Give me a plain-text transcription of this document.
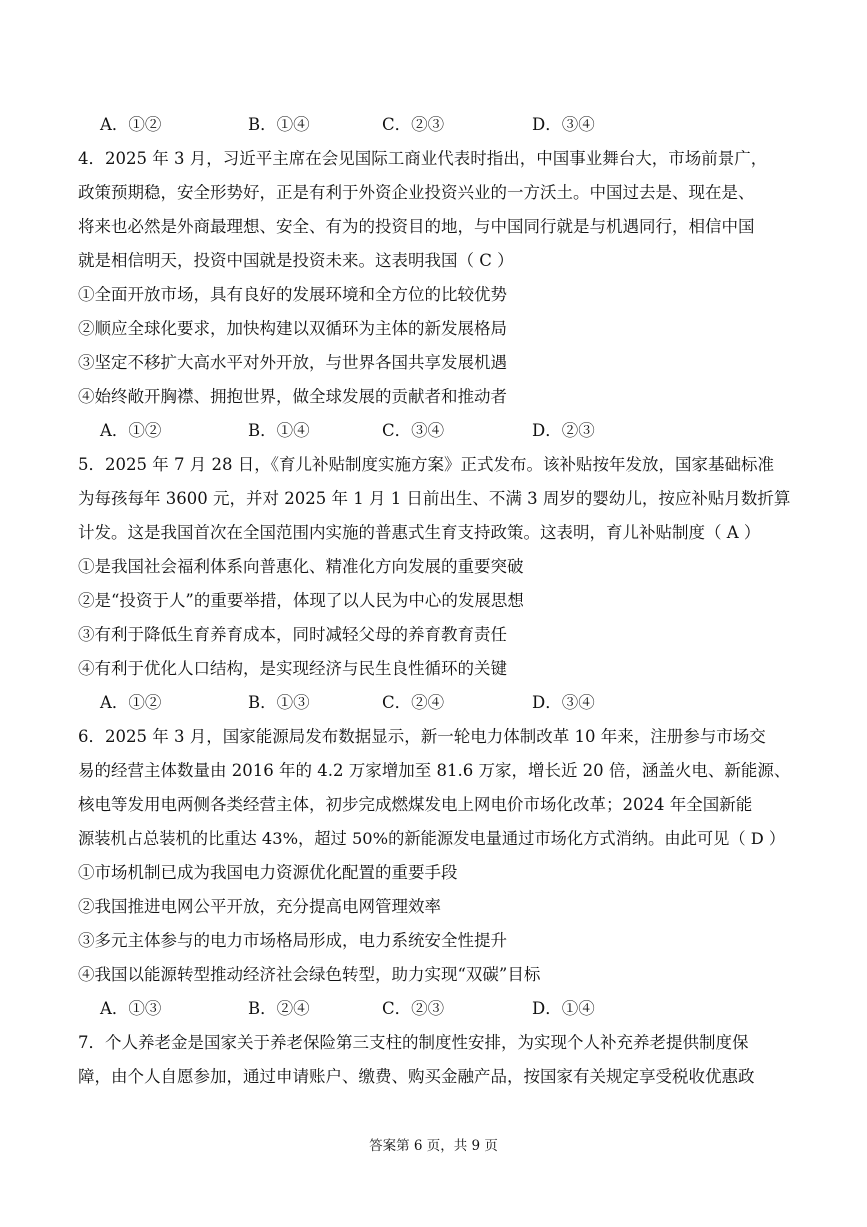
A．①②	B．①④	C．②③	D．③④
4．2025 年 3 月，习近平主席在会见国际工商业代表时指出，中国事业舞台大，市场前景广，
政策预期稳，安全形势好，正是有利于外资企业投资兴业的一方沃土。中国过去是、现在是、
将来也必然是外商最理想、安全、有为的投资目的地，与中国同行就是与机遇同行，相信中国
就是相信明天，投资中国就是投资未来。这表明我国（ C ）
①全面开放市场，具有良好的发展环境和全方位的比较优势
②顺应全球化要求，加快构建以双循环为主体的新发展格局
③坚定不移扩大高水平对外开放，与世界各国共享发展机遇
④始终敞开胸襟、拥抱世界，做全球发展的贡献者和推动者
A．①②	B．①④	C．③④	D．②③
5．2025 年 7 月 28 日，《育儿补贴制度实施方案》正式发布。该补贴按年发放，国家基础标准
为每孩每年 3600 元，并对 2025 年 1 月 1 日前出生、不满 3 周岁的婴幼儿，按应补贴月数折算
计发。这是我国首次在全国范围内实施的普惠式生育支持政策。这表明，育儿补贴制度（ A ）
①是我国社会福利体系向普惠化、精准化方向发展的重要突破
②是“投资于人”的重要举措，体现了以人民为中心的发展思想
③有利于降低生育养育成本，同时减轻父母的养育教育责任
④有利于优化人口结构，是实现经济与民生良性循环的关键
A．①②	B．①③	C．②④	D．③④
6．2025 年 3 月，国家能源局发布数据显示，新一轮电力体制改革 10 年来，注册参与市场交
易的经营主体数量由 2016 年的 4.2 万家增加至 81.6 万家，增长近 20 倍，涵盖火电、新能源、
核电等发用电两侧各类经营主体，初步完成燃煤发电上网电价市场化改革；2024 年全国新能
源装机占总装机的比重达 43%，超过 50%的新能源发电量通过市场化方式消纳。由此可见（ D ）
①市场机制已成为我国电力资源优化配置的重要手段
②我国推进电网公平开放，充分提高电网管理效率
③多元主体参与的电力市场格局形成，电力系统安全性提升
④我国以能源转型推动经济社会绿色转型，助力实现“双碳”目标
A．①③	B．②④	C．②③	D．①④
7．个人养老金是国家关于养老保险第三支柱的制度性安排，为实现个人补充养老提供制度保
障，由个人自愿参加，通过申请账户、缴费、购买金融产品，按国家有关规定享受税收优惠政
答案第 6 页，共 9 页
